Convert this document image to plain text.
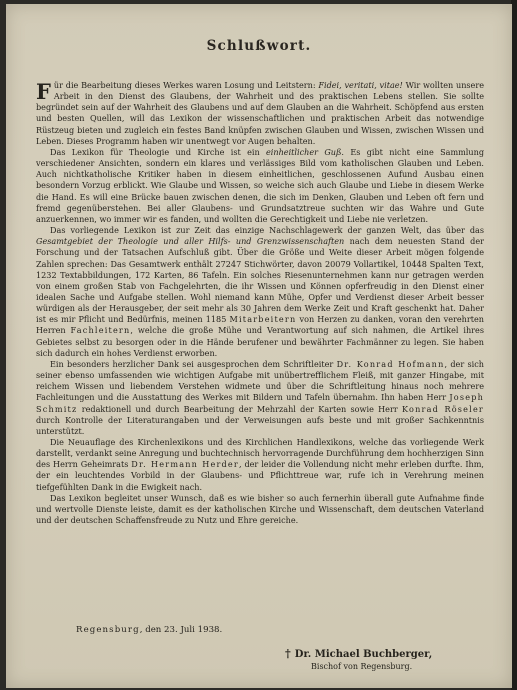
Schlußwort.

Für die Bearbeitung dieses Werkes waren Losung und Leitstern: Fidei, veritati, vitae! Wir wollten unsere Arbeit in den Dienst des Glaubens, der Wahrheit und des praktischen Lebens stellen. Sie sollte begründet sein auf der Wahrheit des Glaubens und auf dem Glauben an die Wahrheit. Schöpfend aus ersten und besten Quellen, will das Lexikon der wissenschaftlichen und praktischen Arbeit das notwendige Rüstzeug bieten und zugleich ein festes Band knüpfen zwischen Glauben und Wissen, zwischen Wissen und Leben. Dieses Programm haben wir unentwegt vor Augen behalten.

Das Lexikon für Theologie und Kirche ist ein einheitlicher Guß. Es gibt nicht eine Sammlung verschiedener Ansichten, sondern ein klares und verlässiges Bild vom katholischen Glauben und Leben. Auch nichtkatholische Kritiker haben in diesem einheitlichen, geschlossenen Aufund Ausbau einen besondern Vorzug erblickt. Wie Glaube und Wissen, so weiche sich auch Glaube und Liebe in diesem Werke die Hand. Es will eine Brücke bauen zwischen denen, die sich im Denken, Glauben und Leben oft fern und fremd gegenüberstehen. Bei aller Glaubens- und Grundsatztreue suchten wir das Wahre und Gute anzuerkennen, wo immer wir es fanden, und wollten die Gerechtigkeit und Liebe nie verletzen.

Das vorliegende Lexikon ist zur Zeit das einzige Nachschlagewerk der ganzen Welt, das über das Gesamtgebiet der Theologie und aller Hilfs- und Grenzwissenschaften nach dem neuesten Stand der Forschung und der Tatsachen Aufschluß gibt. Über die Größe und Weite dieser Arbeit mögen folgende Zahlen sprechen: Das Gesamtwerk enthält 27247 Stichwörter, davon 20079 Vollartikel, 10448 Spalten Text, 1232 Textabbildungen, 172 Karten, 86 Tafeln. Ein solches Riesenunternehmen kann nur getragen werden von einem großen Stab von Fachgelehrten, die ihr Wissen und Können opferfreudig in den Dienst einer idealen Sache und Aufgabe stellen. Wohl niemand kann Mühe, Opfer und Verdienst dieser Arbeit besser würdigen als der Herausgeber, der seit mehr als 30 Jahren dem Werke Zeit und Kraft geschenkt hat. Daher ist es mir Pflicht und Bedürfnis, meinen 1185 Mitarbeitern von Herzen zu danken, voran den verehrten Herren Fachleitern, welche die große Mühe und Verantwortung auf sich nahmen, die Artikel ihres Gebietes selbst zu besorgen oder in die Hände berufener und bewährter Fachmänner zu legen. Sie haben sich dadurch ein hohes Verdienst erworben.

Ein besonders herzlicher Dank sei ausgesprochen dem Schriftleiter Dr. Konrad Hofmann, der sich seiner ebenso umfassenden wie wichtigen Aufgabe mit unübertrefflichem Fleiß, mit ganzer Hingabe, mit reichem Wissen und liebendem Verstehen widmete und über die Schriftleitung hinaus noch mehrere Fachleitungen und die Ausstattung des Werkes mit Bildern und Tafeln übernahm. Ihn haben Herr Joseph Schmitz redaktionell und durch Bearbeitung der Mehrzahl der Karten sowie Herr Konrad Röseler durch Kontrolle der Literaturangaben und der Verweisungen aufs beste und mit großer Sachkenntnis unterstützt.

Die Neuauflage des Kirchenlexikons und des Kirchlichen Handlexikons, welche das vorliegende Werk darstellt, verdankt seine Anregung und buchtechnisch hervorragende Durchführung dem hochherzigen Sinn des Herrn Geheimrats Dr. Hermann Herder, der leider die Vollendung nicht mehr erleben durfte. Ihm, der ein leuchtendes Vorbild in der Glaubens- und Pflichttreue war, rufe ich in Verehrung meinen tiefgefühlten Dank in die Ewigkeit nach.

Das Lexikon begleitet unser Wunsch, daß es wie bisher so auch fernerhin überall gute Aufnahme finde und wertvolle Dienste leiste, damit es der katholischen Kirche und Wissenschaft, dem deutschen Vaterland und der deutschen Schaffensfreude zu Nutz und Ehre gereiche.

Regensburg, den 23. Juli 1938.
† Dr. Michael Buchberger,
Bischof von Regensburg.
